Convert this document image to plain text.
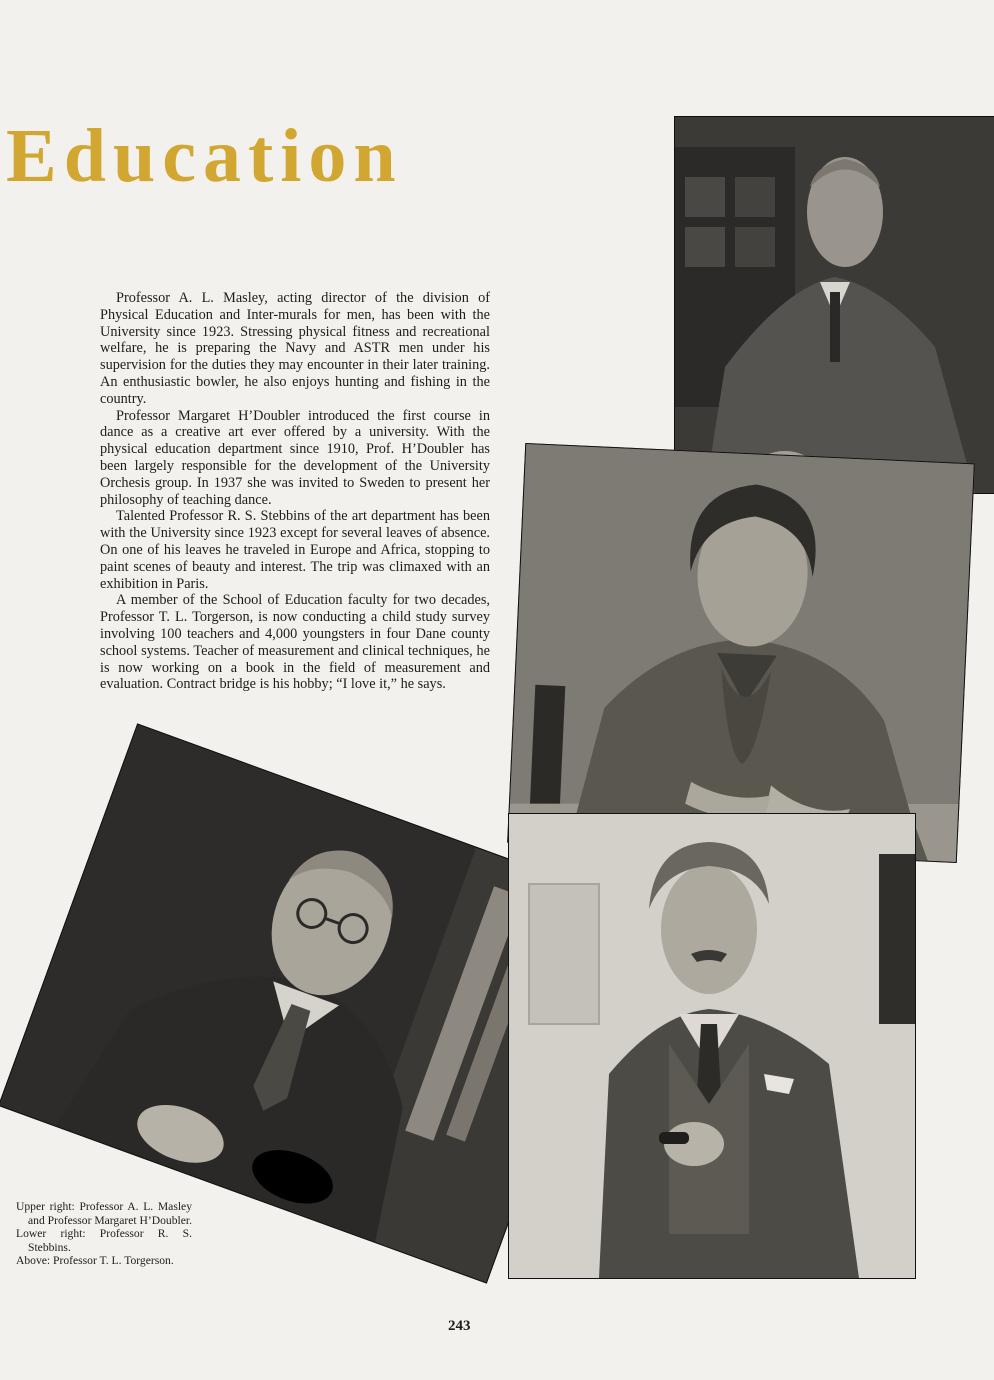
Education

Professor A. L. Masley, acting director of the division of Physical Education and Inter-murals for men, has been with the University since 1923. Stressing physical fitness and recreational welfare, he is preparing the Navy and ASTR men under his supervision for the duties they may encounter in their later training. An enthusiastic bowler, he also enjoys hunting and fishing in the country.

Professor Margaret H’Doubler introduced the first course in dance as a creative art ever offered by a university. With the physical education department since 1910, Prof. H’Doubler has been largely responsible for the development of the University Orchesis group. In 1937 she was invited to Sweden to present her philosophy of teaching dance.

Talented Professor R. S. Stebbins of the art department has been with the University since 1923 except for several leaves of absence. On one of his leaves he traveled in Europe and Africa, stopping to paint scenes of beauty and interest. The trip was climaxed with an exhibition in Paris.

A member of the School of Education faculty for two decades, Professor T. L. Torgerson, is now conducting a child study survey involving 100 teachers and 4,000 youngsters in four Dane county school systems. Teacher of measurement and clinical techniques, he is now working on a book in the field of measurement and evaluation. Contract bridge is his hobby; “I love it,” he says.

Upper right: Professor A. L. Masley and Professor Margaret H’Doubler.
Lower right: Professor R. S. Stebbins.
Above: Professor T. L. Torgerson.
243
